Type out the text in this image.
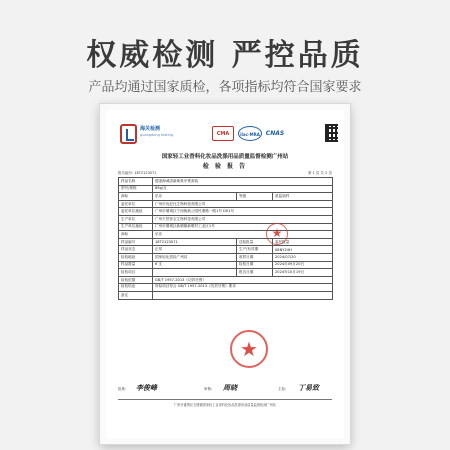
权威检测 严控品质
产品均通过国家质检，各项指标均符合国家要求
海关检测
guangdong testing	CMA	ilac-MRA CNAS
国家轻工业香料化妆品洗涤用品质量监督检测广州站
检 验 报 告
报告编号: 18T2123071	第 1 页 共 2 页
样品名称	德浪海诚清新焕爽牙膏套装		
型号/规格	89g/支		
商标	乐乐	等级	质监抽样
委托单位	广州市优尼比生物科技有限公司		
委托单位地址	广州市增城区宁西街新公园民康路一路1号 D01号		
生产单位	广州天然侨宝生物科技有限公司		
生产单位地址	广州市增城区新塘镇新墩村工业区1号		
商标	乐乐		
样品编号	18T2123071	送检批量	委托批量
样品状态	正常	生产/有效期	08NY24H
检验地址	国家轻化质检广州站	收样日期	2024/07/20
样品数量	6 支	检验日期	2024年09月20日
检验项目		报告日期	2024年10月19日
检验依据	GB/T 1957-2013《功效牙膏》		
检验结论	所检项目符合 GB/T 1957-2013《功效牙膏》要求		
备注			
★
★
批准: 李俊峰	审核: 周晓	主检: 丁易致
广州市番禺区石楼镇国家轻工业香料化妆品洗涤用品质量监督检测广州站
